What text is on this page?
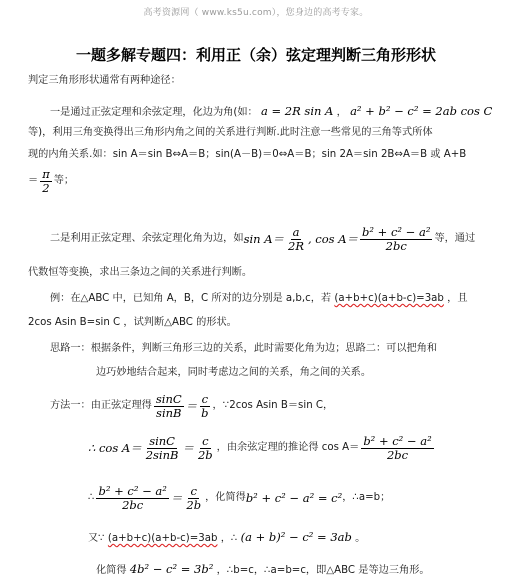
高考资源网（ www.ks5u.com），您身边的高考专家。
一题多解专题四：利用正（余）弦定理判断三角形形状
判定三角形形状通常有两种途径：
一是通过正弦定理和余弦定理，化边为角(如： a = 2R sin A ， a² + b² − c² = 2ab cos C
等)，利用三角变换得出三角形内角之间的关系进行判断.此时注意一些常见的三角等式所体
现的内角关系.如：sin A＝sin B⇔A＝B；sin(A－B)＝0⇔A＝B；sin 2A＝sin 2B⇔A＝B 或 A+B
＝ $\frac{\pi}{2}$ 等；
二是利用正弦定理、余弦定理化角为边，如 $\sin A= \frac{a}{2R}$ , $\cos A= \frac{\text{b² + c² − a²}}{2bc}$ 等，通过
代数恒等变换，求出三条边之间的关系进行判断。
例：在△ABC 中，已知角 A，B，C 所对的边分别是 a,b,c，若 (a+b+c)(a+b-c)=3ab ，且
2cos Asin B=sin C ，试判断△ABC 的形状。
思路一：根据条件，判断三角形三边的关系，此时需要化角为边；思路二：可以把角和
边巧妙地结合起来，同时考虑边之间的关系，角之间的关系。
方法一：由正弦定理得 $\frac{\sin C}{\sin B} = \frac{c}{b}$ ，∵2cos Asin B＝sin C，
∴ $\cos A= \frac{\sin C}{2\sin B} = \frac{c}{2b}$ ，由余弦定理的推论得 $\cos A= \frac{\text{b² + c² − a²}}{2bc}$
∴ $\frac{\text{b² + c² − a²}}{2bc} = \frac{c}{2b}$ ，化简得 b² + c² − a² = c² ，∴a=b；
又∵ (a+b+c)(a+b-c)=3ab ，∴ (a + b)² − c² = 3ab 。
化简得 4b² − c² = 3b² ，∴b=c，∴a=b=c，即△ABC 是等边三角形。
